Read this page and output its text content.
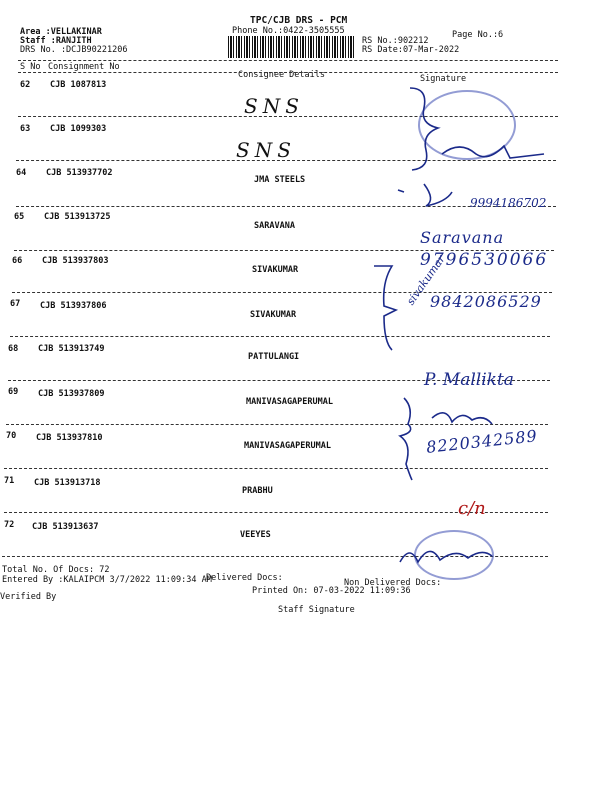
TPC/CJB DRS - PCM
Phone No.:0422-3505555
Area :VELLAKINAR
Staff :RANJITH
DRS No. :DCJB90221206
RS No.:902212
RS Date:07-Mar-2022
Page No.:6
S No Consignment No
Consignee Details	Signature
62 CJB 1087813
63 CJB 1099303
64 CJB 513937702
JMA STEELS
65 CJB 513913725
SARAVANA
66 CJB 513937803
SIVAKUMAR
67 CJB 513937806
SIVAKUMAR
68 CJB 513913749
PATTULANGI
69 CJB 513937809
MANIVASAGAPERUMAL
70 CJB 513937810
MANIVASAGAPERUMAL
71 CJB 513913718
PRABHU
72 CJB 513913637
VEEYES
SNS
SNS
9994186702
Saravana
9796530066
sivakumar
9842086529
P. Mallikta
8220342589
c/n
Total No. Of Docs: 72
Delivered Docs:	Non Delivered Docs:
Entered By :KALAIPCM 3/7/2022 11:09:34 AM
Printed On: 07-03-2022 11:09:36
Verified By
Staff Signature
